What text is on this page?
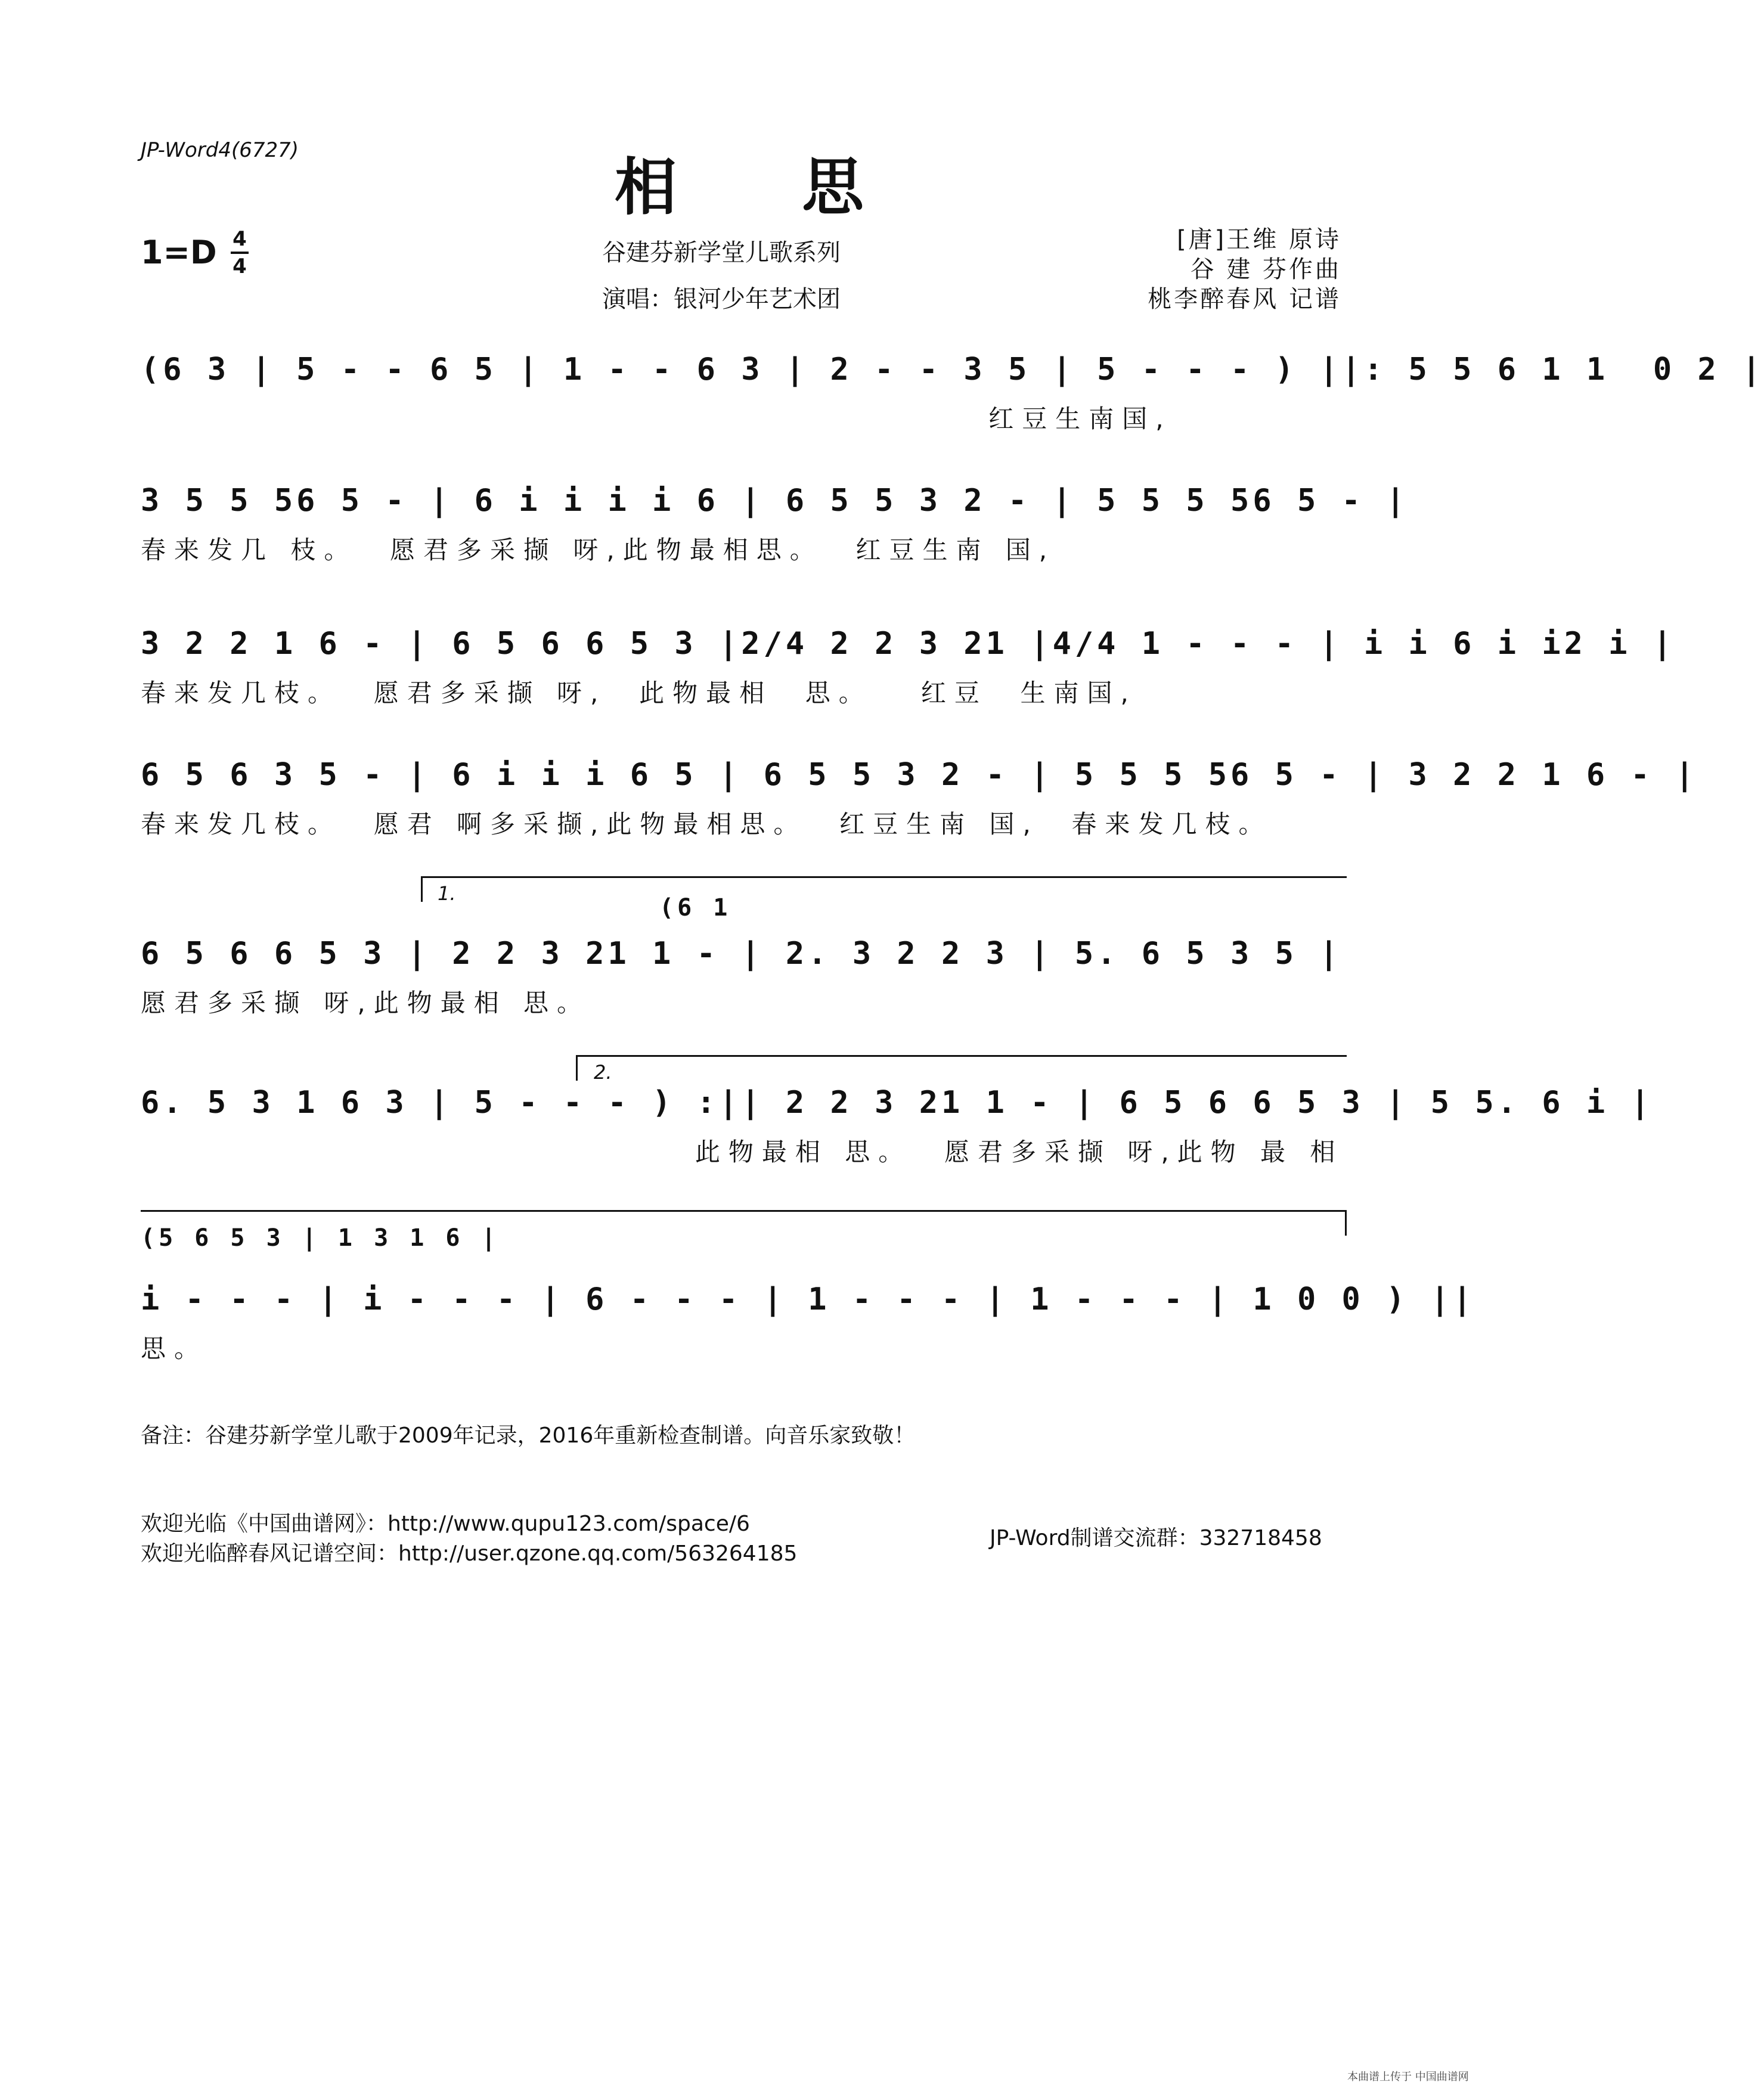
JP-Word4(6727)	相思
1=D 4
4	谷建芬新学堂儿歌系列
演唱：银河少年艺术团
[唐]王维 原诗
谷 建 芬作曲
桃李醉春风 记谱
(6 3 | 5 - - 6 5 | 1 - - 6 3 | 2 - - 3 5 | 5 - - - ) ||: 5 5 6 1 1  0 2 |
红豆生南国,
3 5 5 56 5 - | 6 i i i i 6 | 6 5 5 3 2 - | 5 5 5 56 5 - |
春来发几 枝。  愿君多采撷 呀,此物最相思。  红豆生南 国,
3 2 2 1 6 - | 6 5 6 6 5 3 |2/4 2 2 3 21 |4/4 1 - - - | i i 6 i i2 i |
春来发几枝。  愿君多采撷 呀,  此物最相  思。   红豆  生南国,
6 5 6 3 5 - | 6 i i i 6 5 | 6 5 5 3 2 - | 5 5 5 56 5 - | 3 2 2 1 6 - |
春来发几枝。  愿君 啊多采撷,此物最相思。  红豆生南 国,  春来发几枝。
1.
(6 1
6 5 6 6 5 3 | 2 2 3 21 1 - | 2. 3 2 2 3 | 5. 6 5 3 5 |
愿君多采撷 呀,此物最相 思。
2.
6. 5 3 1 6 3 | 5 - - - ) :|| 2 2 3 21 1 - | 6 5 6 6 5 3 | 5 5. 6 i |
此物最相 思。  愿君多采撷 呀,此物 最 相
(5 6 5 3 | 1 3 1 6 |
i - - - | i - - - | 6 - - - | 1 - - - | 1 - - - | 1 0 0 ) ||
思。
备注：谷建芬新学堂儿歌于2009年记录，2016年重新检查制谱。向音乐家致敬！
欢迎光临《中国曲谱网》：http://www.qupu123.com/space/6
欢迎光临醉春风记谱空间：http://user.qzone.qq.com/563264185
JP-Word制谱交流群：332718458
本曲谱上传于 中国曲谱网
